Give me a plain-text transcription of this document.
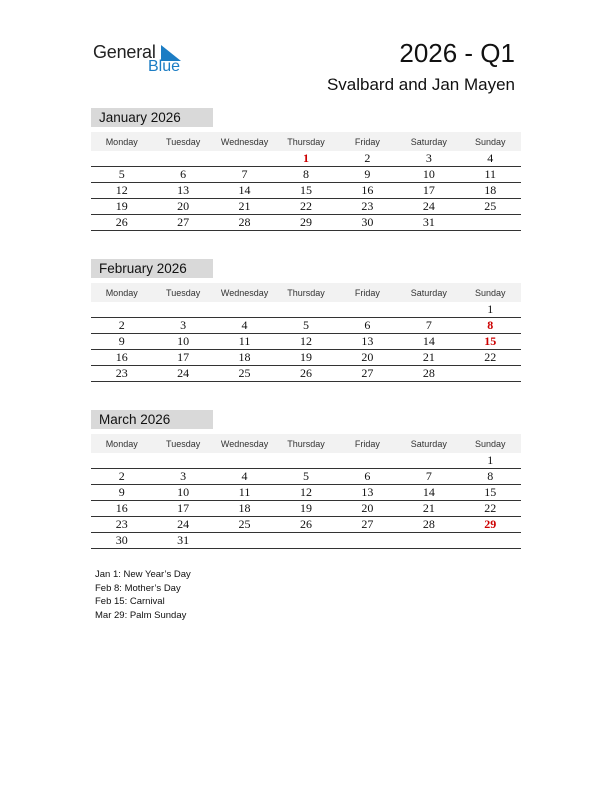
General
Blue	2026 - Q1
Svalbard and Jan Mayen
January 2026
Monday	Tuesday	Wednesday	Thursday	Friday	Saturday	Sunday
			1	2	3	4
5	6	7	8	9	10	11
12	13	14	15	16	17	18
19	20	21	22	23	24	25
26	27	28	29	30	31	
February 2026
Monday	Tuesday	Wednesday	Thursday	Friday	Saturday	Sunday
						1
2	3	4	5	6	7	8
9	10	11	12	13	14	15
16	17	18	19	20	21	22
23	24	25	26	27	28	
March 2026
Monday	Tuesday	Wednesday	Thursday	Friday	Saturday	Sunday
						1
2	3	4	5	6	7	8
9	10	11	12	13	14	15
16	17	18	19	20	21	22
23	24	25	26	27	28	29
30	31					
Jan 1: New Year’s Day
Feb 8: Mother’s Day
Feb 15: Carnival
Mar 29: Palm Sunday
